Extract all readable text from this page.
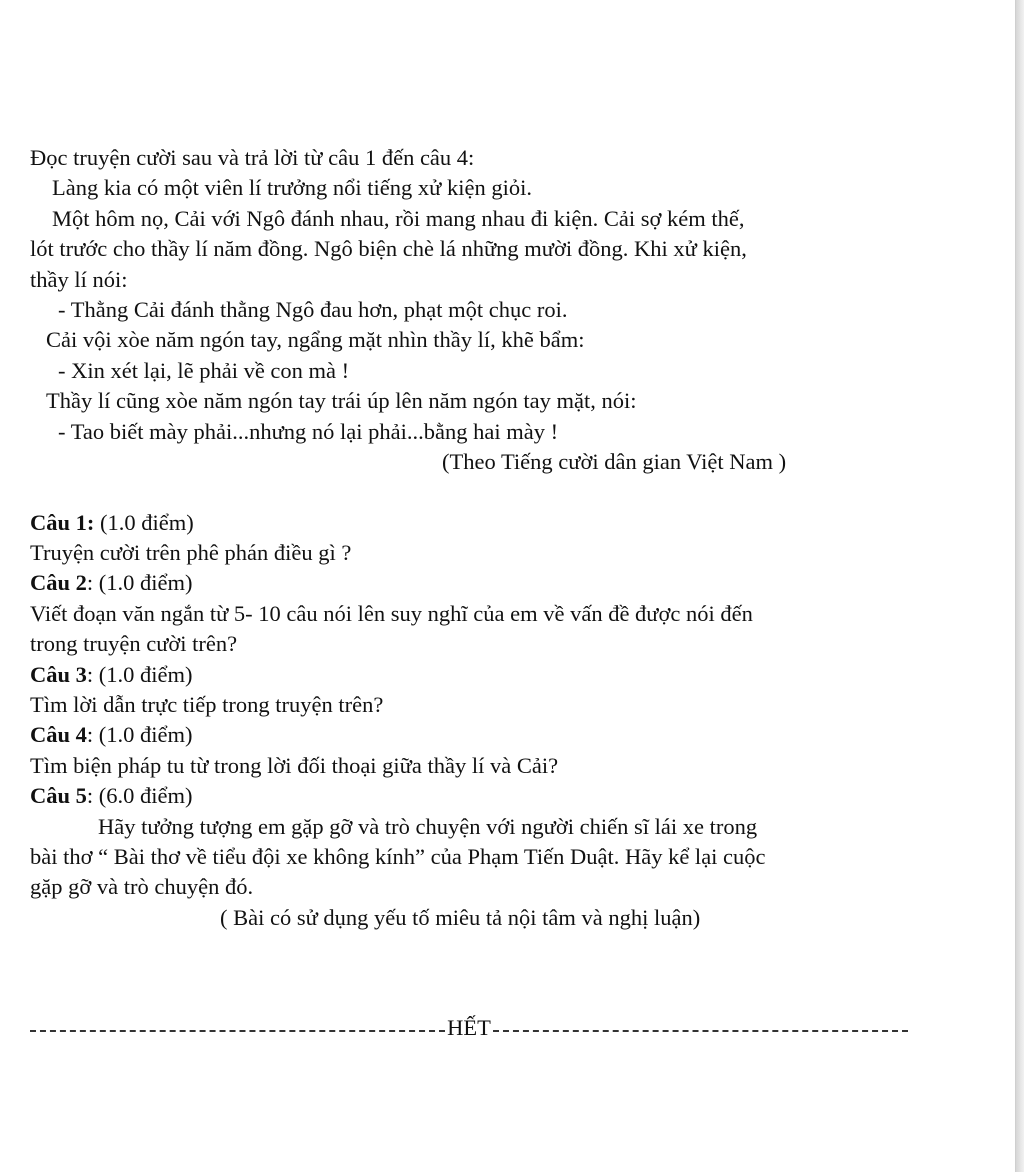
Đọc truyện cười sau và trả lời từ câu 1 đến câu 4:
Làng kia có một viên lí trưởng nổi tiếng xử kiện giỏi.
Một hôm nọ, Cải với Ngô đánh nhau, rồi mang nhau đi kiện. Cải sợ kém thế,
lót trước cho thầy lí năm đồng. Ngô biện chè lá những mười đồng. Khi xử kiện,
thầy lí nói:
- Thằng Cải đánh thằng Ngô đau hơn, phạt một chục roi.
Cải vội xòe năm ngón tay, ngẩng mặt nhìn thầy lí, khẽ bẩm:
- Xin xét lại, lẽ phải về con mà !
Thầy lí cũng xòe năm ngón tay trái úp lên năm ngón tay mặt, nói:
- Tao biết mày phải...nhưng nó lại phải...bằng hai mày !
(Theo Tiếng cười dân gian Việt Nam )
Câu 1: (1.0 điểm)
Truyện cười trên phê phán điều gì ?
Câu 2: (1.0 điểm)
Viết đoạn văn ngắn từ 5- 10 câu nói lên suy nghĩ của em về vấn đề được nói đến
trong truyện cười trên?
Câu 3: (1.0 điểm)
Tìm lời dẫn trực tiếp trong truyện trên?
Câu 4: (1.0 điểm)
Tìm biện pháp tu từ trong lời đối thoại giữa thầy lí và Cải?
Câu 5: (6.0 điểm)
Hãy tưởng tượng em gặp gỡ và trò chuyện với người chiến sĩ lái xe trong
bài thơ “ Bài thơ về tiểu đội xe không kính” của Phạm Tiến Duật. Hãy kể lại cuộc
gặp gỡ và trò chuyện đó.
( Bài có sử dụng yếu tố miêu tả nội tâm và nghị luận)
HẾT
